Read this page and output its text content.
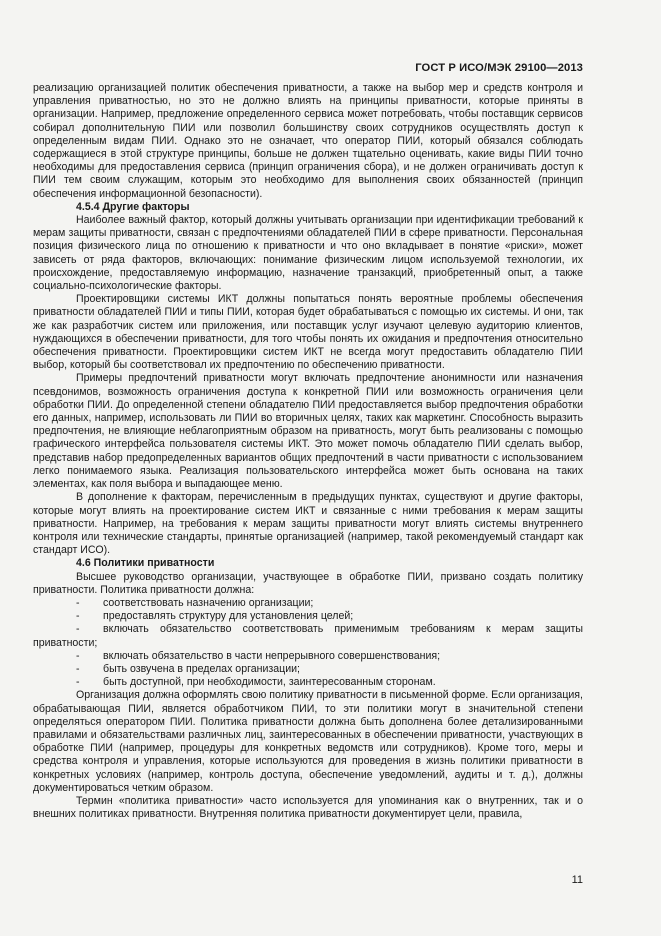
ГОСТ Р ИСО/МЭК 29100—2013

реализацию организацией политик обеспечения приватности, а также на выбор мер и средств контроля и управления приватностью, но это не должно влиять на принципы приватности, которые приняты в организации. Например, предложение определенного сервиса может потребовать, чтобы поставщик сервисов собирал дополнительную ПИИ или позволил большинству своих сотрудников осуществлять доступ к определенным видам ПИИ. Однако это не означает, что оператор ПИИ, который обязался соблюдать содержащиеся в этой структуре принципы, больше не должен тщательно оценивать, какие виды ПИИ точно необходимы для предоставления сервиса (принцип ограничения сбора), и не должен ограничивать доступ к ПИИ тем своим служащим, которым это необходимо для выполнения своих обязанностей (принцип обеспечения информационной безопасности).

4.5.4 Другие факторы

Наиболее важный фактор, который должны учитывать организации при идентификации требований к мерам защиты приватности, связан с предпочтениями обладателей ПИИ в сфере приватности. Персональная позиция физического лица по отношению к приватности и что оно вкладывает в понятие «риски», может зависеть от ряда факторов, включающих: понимание физическим лицом используемой технологии, их происхождение, предоставляемую информацию, назначение транзакций, приобретенный опыт, а также социально-психологические факторы.

Проектировщики системы ИКТ должны попытаться понять вероятные проблемы обеспечения приватности обладателей ПИИ и типы ПИИ, которая будет обрабатываться с помощью их системы. И они, так же как разработчик систем или приложения, или поставщик услуг изучают целевую аудиторию клиентов, нуждающихся в обеспечении приватности, для того чтобы понять их ожидания и предпочтения относительно обеспечения приватности. Проектировщики систем ИКТ не всегда могут предоставить обладателю ПИИ выбор, который бы соответствовал их предпочтению по обеспечению приватности.

Примеры предпочтений приватности могут включать предпочтение анонимности или назначения псевдонимов, возможность ограничения доступа к конкретной ПИИ или возможность ограничения цели обработки ПИИ. До определенной степени обладателю ПИИ предоставляется выбор предпочтения обработки его данных, например, использовать ли ПИИ во вторичных целях, таких как маркетинг. Способность выразить предпочтения, не влияющие неблагоприятным образом на приватность, могут быть реализованы с помощью графического интерфейса пользователя системы ИКТ. Это может помочь обладателю ПИИ сделать выбор, представив набор предопределенных вариантов общих предпочтений в части приватности с использованием легко понимаемого языка. Реализация пользовательского интерфейса может быть основана на таких элементах, как поля выбора и выпадающее меню.

В дополнение к факторам, перечисленным в предыдущих пунктах, существуют и другие факторы, которые могут влиять на проектирование систем ИКТ и связанные с ними требования к мерам защиты приватности. Например, на требования к мерам защиты приватности могут влиять системы внутреннего контроля или технические стандарты, принятые организацией (например, такой рекомендуемый стандарт как стандарт ИСО).

4.6 Политики приватности

Высшее руководство организации, участвующее в обработке ПИИ, призвано создать политику приватности. Политика приватности должна:

- соответствовать назначению организации;

- предоставлять структуру для установления целей;

- включать обязательство соответствовать применимым требованиям к мерам защиты приватности;

- включать обязательство в части непрерывного совершенствования;

- быть озвучена в пределах организации;

- быть доступной, при необходимости, заинтересованным сторонам.

Организация должна оформлять свою политику приватности в письменной форме. Если организация, обрабатывающая ПИИ, является обработчиком ПИИ, то эти политики могут в значительной степени определяться оператором ПИИ. Политика приватности должна быть дополнена более детализированными правилами и обязательствами различных лиц, заинтересованных в обеспечении приватности, участвующих в обработке ПИИ (например, процедуры для конкретных ведомств или сотрудников). Кроме того, меры и средства контроля и управления, которые используются для проведения в жизнь политики приватности в конкретных условиях (например, контроль доступа, обеспечение уведомлений, аудиты и т. д.), должны документироваться четким образом.

Термин «политика приватности» часто используется для упоминания как о внутренних, так и о внешних политиках приватности. Внутренняя политика приватности документирует цели, правила,

11
